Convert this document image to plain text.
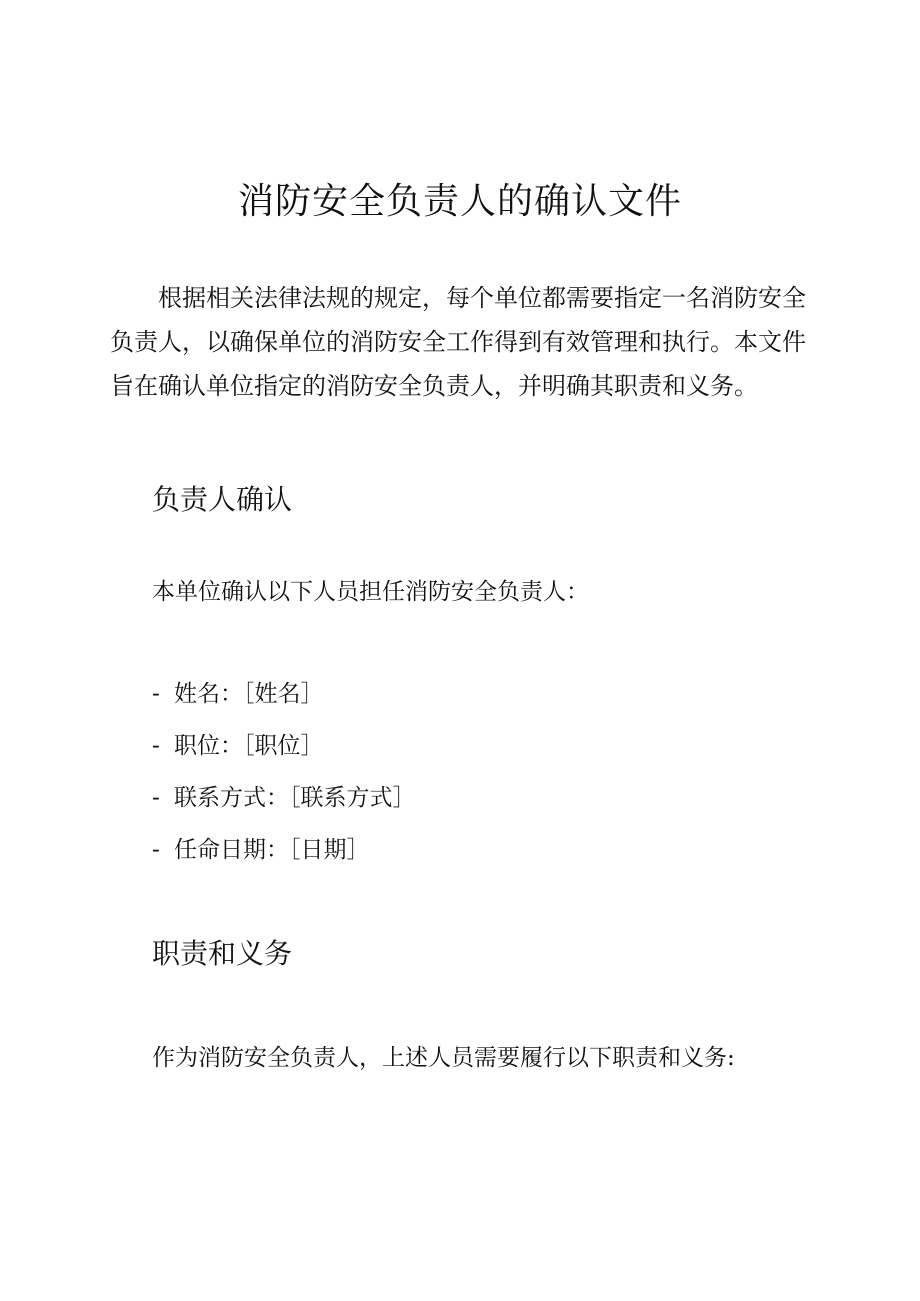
消防安全负责人的确认文件

根据相关法律法规的规定，每个单位都需要指定一名消防安全负责人，以确保单位的消防安全工作得到有效管理和执行。本文件旨在确认单位指定的消防安全负责人，并明确其职责和义务。

负责人确认

本单位确认以下人员担任消防安全负责人：

- 姓名：［姓名］
- 职位：［职位］
- 联系方式：［联系方式］
- 任命日期：［日期］
职责和义务

作为消防安全负责人，上述人员需要履行以下职责和义务:
